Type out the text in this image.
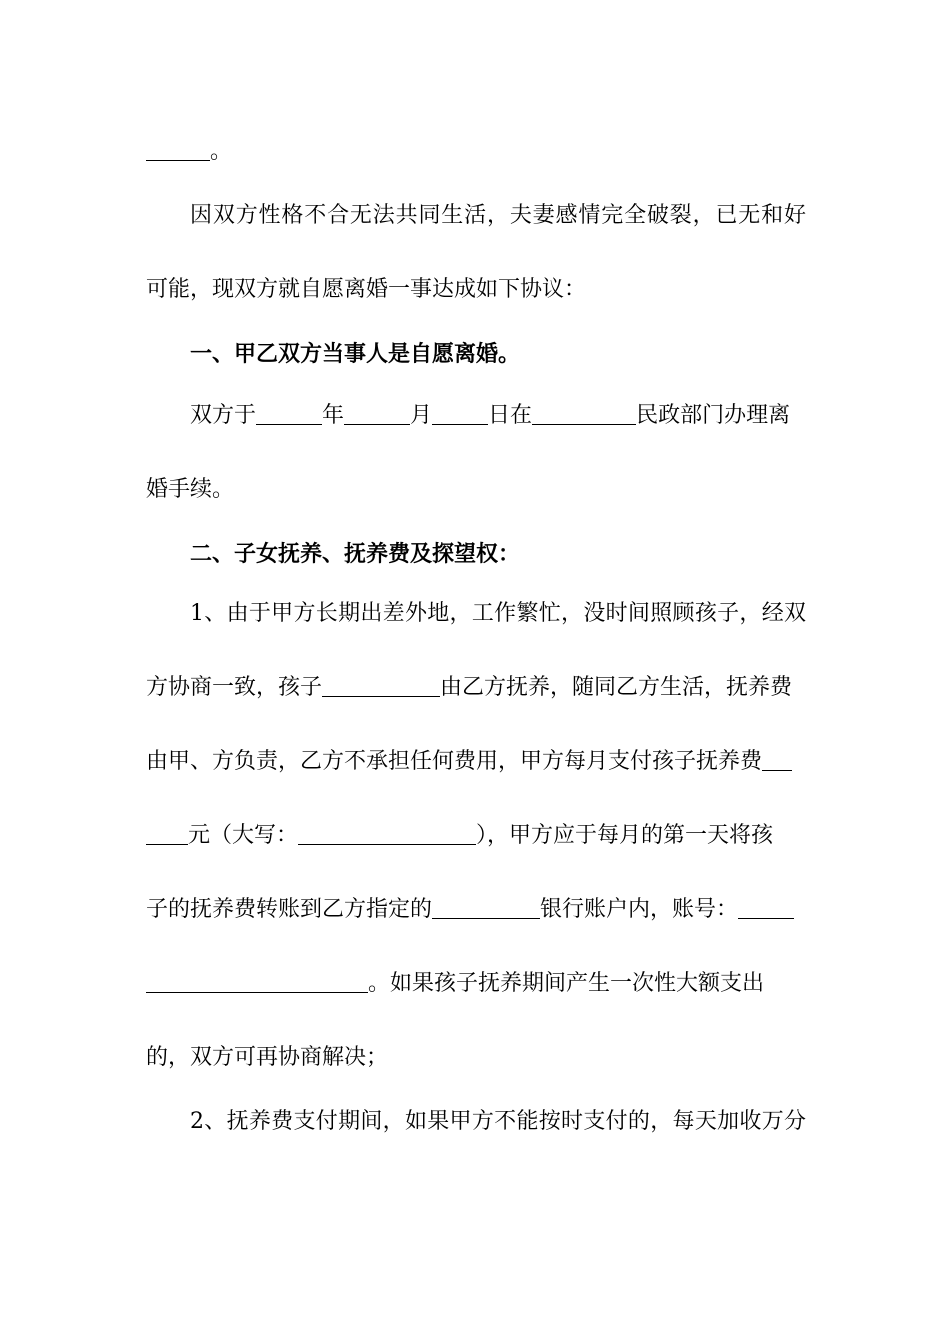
。
因双方性格不合无法共同生活，夫妻感情完全破裂，已无和好
可能，现双方就自愿离婚一事达成如下协议：
一、甲乙双方当事人是自愿离婚。
双方于	年	月	日在	民政部门办理离
婚手续。
二、子女抚养、抚养费及探望权：
1、由于甲方长期出差外地，工作繁忙，没时间照顾孩子，经双
方协商一致，孩子	由乙方抚养，随同乙方生活，抚养费
由甲、方负责，乙方不承担任何费用，甲方每月支付孩子抚养费
元（大写：	），甲方应于每月的第一天将孩
子的抚养费转账到乙方指定的	银行账户内，账号：
。如果孩子抚养期间产生一次性大额支出
的，双方可再协商解决；
2、抚养费支付期间，如果甲方不能按时支付的，每天加收万分
